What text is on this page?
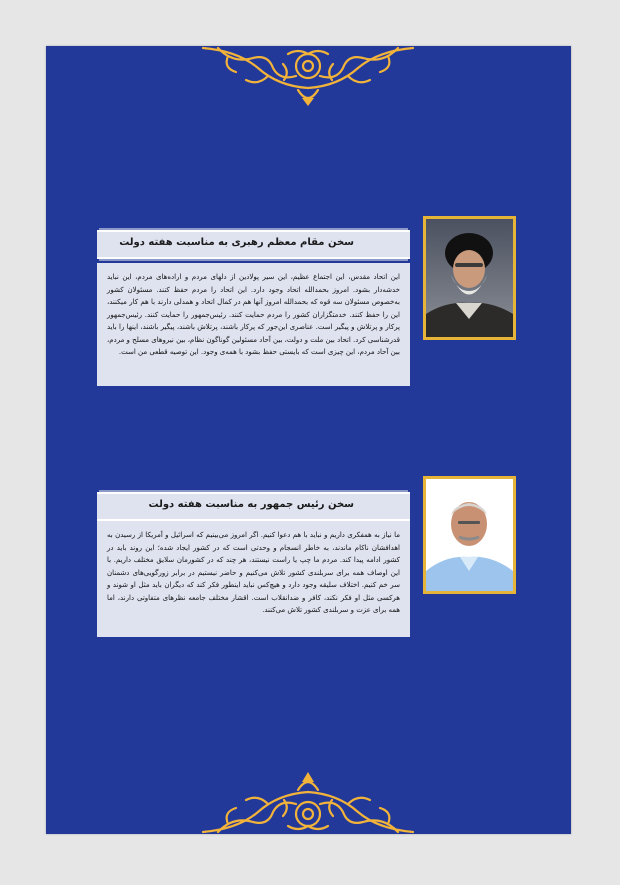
سخن مقام معظم رهبری به مناسبت هفته دولت
این اتحاد مقدس، این اجتماع عظیم، این سیر پولادین از دلهای مردم و اراده‌های مردم، این نباید خدشه‌دار بشود. امروز بحمدالله اتحاد وجود دارد. این اتحاد را مردم حفظ کنند. مسئولان کشور به‌خصوص مسئولان سه قوه که بحمدالله امروز آنها هم در کمال اتحاد و همدلی دارند با هم کار میکنند، این را حفظ کنند. خدمتگزاران کشور را مردم حمایت کنند. رئیس‌جمهور را حمایت کنند. رئیس‌جمهور پرکار و پرتلاش و پیگیر است. عناصری این‌جور که پرکار باشند، پرتلاش باشند، پیگیر باشند، اینها را باید قدرشناسی کرد. اتحاد بین ملت و دولت، بین آحاد مسئولین گوناگون نظام، بین نیروهای مسلح و مردم، بین آحاد مردم، این چیزی است که بایستی حفظ بشود با همه‌ی وجود. این توصیه قطعی من است.
سخن رئیس جمهور به مناسبت هفته دولت
ما نیاز به همفکری داریم و نباید با هم دعوا کنیم. اگر امروز می‌بینیم که اسرائیل و آمریکا از رسیدن به اهدافشان ناکام ماندند، به خاطر انسجام و وحدتی است که در کشور ایجاد شده؛ این روند باید در کشور ادامه پیدا کند. مردم ما چپ یا راست نیستند، هر چند که در کشورمان سلایق مختلف داریم. با این اوصاف همه برای سربلندی کشور تلاش می‌کنیم و حاضر نیستیم در برابر زورگویی‌های دشمنان سر خم کنیم. اختلاف سلیقه وجود دارد و هیچ‌کس نباید اینطور فکر کند که دیگران باید مثل او شوند و هرکسی مثل او فکر نکند، کافر و ضدانقلاب است. اقشار مختلف جامعه نظرهای متفاوتی دارند، اما همه برای عزت و سربلندی کشور تلاش می‌کنند.
